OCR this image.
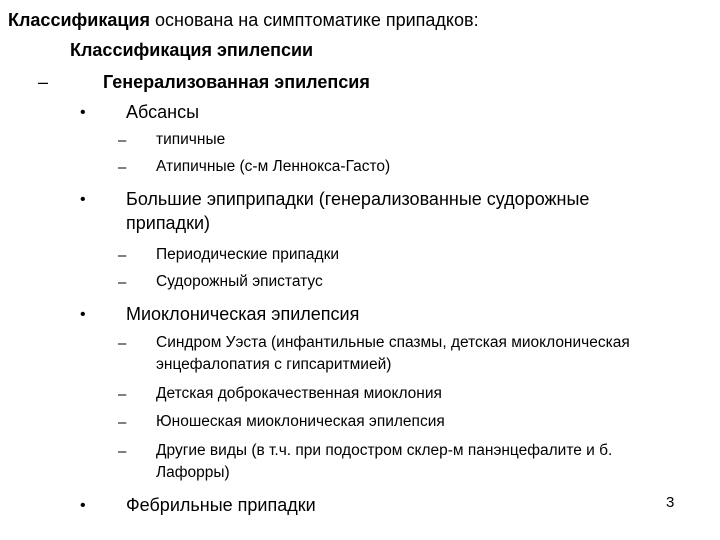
Классификация основана на симптоматике припадков:
Классификация эпилепсии
–	Генерализованная эпилепсия
• Абсансы
– типичные
– Атипичные (с-м Леннокса-Гасто)
• Большие эпиприпадки (генерализованные судорожные
припадки)
– Периодические припадки
– Судорожный эпистатус
• Миоклоническая эпилепсия
– Синдром Уэста (инфантильные спазмы, детская миоклоническая
энцефалопатия с гипсаритмией)
– Детская доброкачественная миоклония
– Юношеская миоклоническая эпилепсия
– Другие виды (в т.ч. при подостром склер-м панэнцефалите и б.
Лафорры)
• Фебрильные припадки	3
